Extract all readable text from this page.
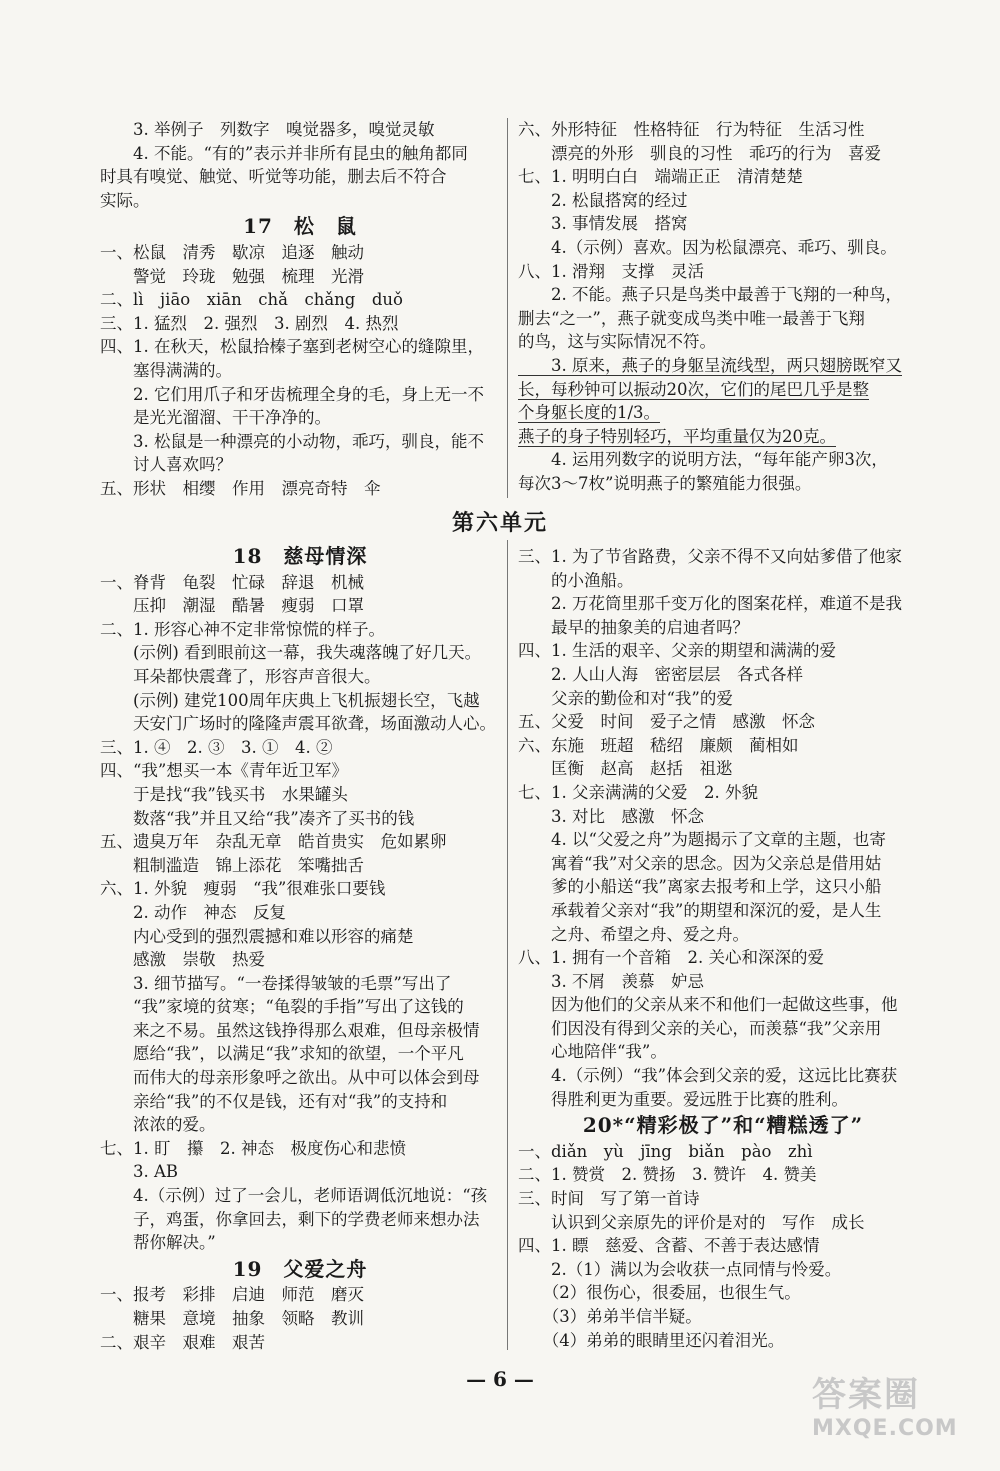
　　3. 举例子　列数字　嗅觉器多，嗅觉灵敏
　　4. 不能。“有的”表示并非所有昆虫的触角都同
时具有嗅觉、触觉、听觉等功能，删去后不符合
实际。
17　松　鼠
一、松鼠　清秀　歇凉　追逐　触动
　　警觉　玲珑　勉强　梳理　光滑
二、lì　jiāo　xiān　chǎ　chǎng　duǒ
三、1. 猛烈　2. 强烈　3. 剧烈　4. 热烈
四、1. 在秋天，松鼠拾榛子塞到老树空心的缝隙里，
　　塞得满满的。
　　2. 它们用爪子和牙齿梳理全身的毛，身上无一不
　　是光光溜溜、干干净净的。
　　3. 松鼠是一种漂亮的小动物，乖巧，驯良，能不
　　讨人喜欢吗？
五、形状　相缨　作用　漂亮奇特　伞
六、外形特征　性格特征　行为特征　生活习性
　　漂亮的外形　驯良的习性　乖巧的行为　喜爱
七、1. 明明白白　端端正正　清清楚楚
　　2. 松鼠搭窝的经过
　　3. 事情发展　搭窝
　　4.（示例）喜欢。因为松鼠漂亮、乖巧、驯良。
八、1. 滑翔　支撑　灵活
　　2. 不能。燕子只是鸟类中最善于飞翔的一种鸟，
删去“之一”，燕子就变成鸟类中唯一最善于飞翔
的鸟，这与实际情况不符。
　　3. 原来，燕子的身躯呈流线型，两只翅膀既窄又
长，每秒钟可以振动20次，它们的尾巴几乎是整
个身躯长度的1/3。
燕子的身子特别轻巧，平均重量仅为20克。
　　4. 运用列数字的说明方法，“每年能产卵3次，
每次3～7枚”说明燕子的繁殖能力很强。
第六单元
18　慈母情深
一、脊背　龟裂　忙碌　辞退　机械
　　压抑　潮湿　酷暑　瘦弱　口罩
二、1. 形容心神不定非常惊慌的样子。
　　(示例) 看到眼前这一幕，我失魂落魄了好几天。
　　耳朵都快震聋了，形容声音很大。
　　(示例) 建党100周年庆典上飞机振翅长空，飞越
　　天安门广场时的隆隆声震耳欲聋，场面激动人心。
三、1. ④　2. ③　3. ①　4. ②
四、“我”想买一本《青年近卫军》
　　于是找“我”钱买书　水果罐头
　　数落“我”并且又给“我”凑齐了买书的钱
五、遗臭万年　杂乱无章　皓首贵实　危如累卵
　　粗制滥造　锦上添花　笨嘴拙舌
六、1. 外貌　瘦弱　“我”很难张口要钱
　　2. 动作　神态　反复
　　内心受到的强烈震撼和难以形容的痛楚
　　感激　崇敬　热爱
　　3. 细节描写。“一卷揉得皱皱的毛票”写出了
　　“我”家境的贫寒；“龟裂的手指”写出了这钱的
　　来之不易。虽然这钱挣得那么艰难，但母亲极情
　　愿给“我”，以满足“我”求知的欲望，一个平凡
　　而伟大的母亲形象呼之欲出。从中可以体会到母
　　亲给“我”的不仅是钱，还有对“我”的支持和
　　浓浓的爱。
七、1. 盯　攥　2. 神态　极度伤心和悲愤
　　3. AB
　　4.（示例）过了一会儿，老师语调低沉地说：“孩
　　子，鸡蛋，你拿回去，剩下的学费老师来想办法
　　帮你解决。”
19　父爱之舟
一、报考　彩排　启迪　师范　磨灭
　　糖果　意境　抽象　领略　教训
二、艰辛　艰难　艰苦
三、1. 为了节省路费，父亲不得不又向姑爹借了他家
　　的小渔船。
　　2. 万花筒里那千变万化的图案花样，难道不是我
　　最早的抽象美的启迪者吗？
四、1. 生活的艰辛、父亲的期望和满满的爱
　　2. 人山人海　密密层层　各式各样
　　父亲的勤俭和对“我”的爱
五、父爱　时间　爱子之情　感激　怀念
六、东施　班超　嵇绍　廉颇　蔺相如
　　匡衡　赵高　赵括　祖逖
七、1. 父亲满满的父爱　2. 外貌
　　3. 对比　感激　怀念
　　4. 以“父爱之舟”为题揭示了文章的主题，也寄
　　寓着“我”对父亲的思念。因为父亲总是借用姑
　　爹的小船送“我”离家去报考和上学，这只小船
　　承载着父亲对“我”的期望和深沉的爱，是人生
　　之舟、希望之舟、爱之舟。
八、1. 拥有一个音箱　2. 关心和深深的爱
　　3. 不屑　羡慕　妒忌
　　因为他们的父亲从来不和他们一起做这些事，他
　　们因没有得到父亲的关心，而羡慕“我”父亲用
　　心地陪伴“我”。
　　4.（示例）“我”体会到父亲的爱，这远比比赛获
　　得胜利更为重要。爱远胜于比赛的胜利。
20*“精彩极了”和“糟糕透了”
一、diǎn　yù　jīng　biǎn　pào　zhì
二、1. 赞赏　2. 赞扬　3. 赞许　4. 赞美
三、时间　写了第一首诗
　　认识到父亲原先的评价是对的　写作　成长
四、1. 瞟　慈爱、含蓄、不善于表达感情
　　2.（1）满以为会收获一点同情与怜爱。
　　（2）很伤心，很委屈，也很生气。
　　（3）弟弟半信半疑。
　　（4）弟弟的眼睛里还闪着泪光。
— 6 —	答案圈
MXQE.COM
